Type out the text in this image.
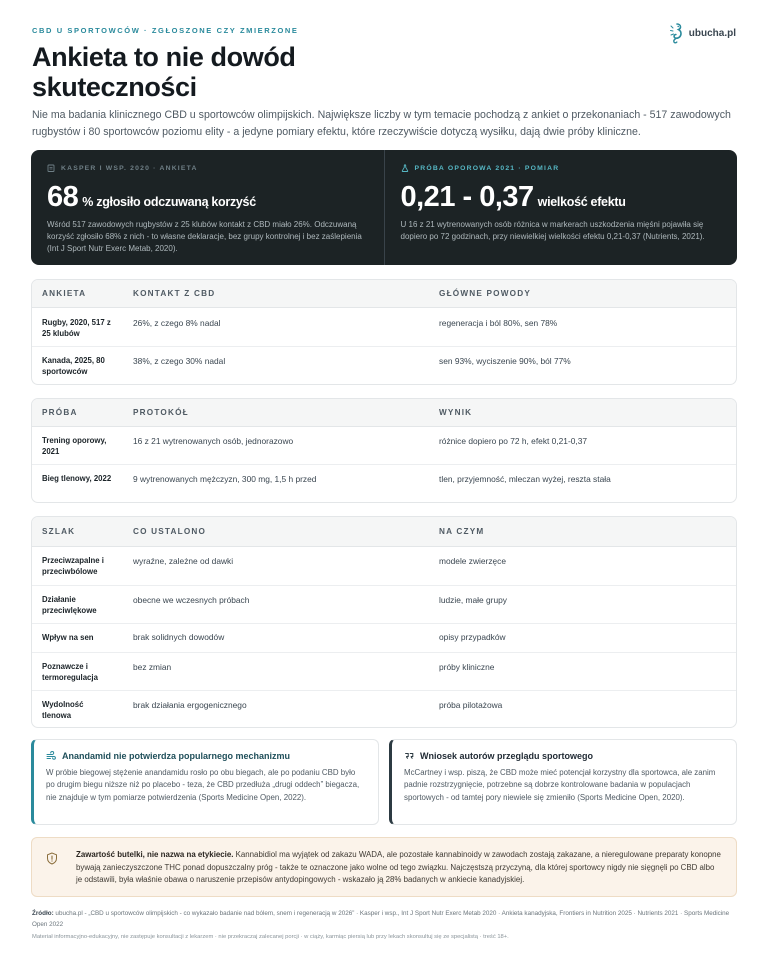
CBD U SPORTOWCÓW · ZGŁOSZONE CZY ZMIERZONE	ubucha.pl
Ankieta to nie dowód skuteczności

Nie ma badania klinicznego CBD u sportowców olimpijskich. Największe liczby w tym temacie pochodzą z ankiet o przekonaniach - 517 zawodowych rugbystów i 80 sportowców poziomu elity - a jedyne pomiary efektu, które rzeczywiście dotyczą wysiłku, dają dwie próby kliniczne.

KASPER I WSP. 2020 · ANKIETA
68 % zgłosiło odczuwaną korzyść

Wśród 517 zawodowych rugbystów z 25 klubów kontakt z CBD miało 26%. Odczuwaną korzyść zgłosiło 68% z nich - to własne deklaracje, bez grupy kontrolnej i bez zaślepienia (Int J Sport Nutr Exerc Metab, 2020).

PRÓBA OPOROWA 2021 · POMIAR
0,21 - 0,37 wielkość efektu

U 16 z 21 wytrenowanych osób różnica w markerach uszkodzenia mięśni pojawiła się dopiero po 72 godzinach, przy niewielkiej wielkości efektu 0,21-0,37 (Nutrients, 2021).

ANKIETA	KONTAKT Z CBD	GŁÓWNE POWODY
Rugby, 2020, 517 z 25 klubów	26%, z czego 8% nadal	regeneracja i ból 80%, sen 78%
Kanada, 2025, 80 sportowców	38%, z czego 30% nadal	sen 93%, wyciszenie 90%, ból 77%
PRÓBA	PROTOKÓŁ	WYNIK
Trening oporowy, 2021	16 z 21 wytrenowanych osób, jednorazowo	różnice dopiero po 72 h, efekt 0,21-0,37
Bieg tlenowy, 2022	9 wytrenowanych mężczyzn, 300 mg, 1,5 h przed	tlen, przyjemność, mleczan wyżej, reszta stała
SZLAK	CO USTALONO	NA CZYM
Przeciwzapalne i przeciwbólowe	wyraźne, zależne od dawki	modele zwierzęce
Działanie przeciwlękowe	obecne we wczesnych próbach	ludzie, małe grupy
Wpływ na sen	brak solidnych dowodów	opisy przypadków
Poznawcze i termoregulacja	bez zmian	próby kliniczne
Wydolność tlenowa	brak działania ergogenicznego	próba pilotażowa
Anandamid nie potwierdza popularnego mechanizmu

W próbie biegowej stężenie anandamidu rosło po obu biegach, ale po podaniu CBD było po drugim biegu niższe niż po placebo - teza, że CBD przedłuża „drugi oddech” biegacza, nie znajduje w tym pomiarze potwierdzenia (Sports Medicine Open, 2022).

Wniosek autorów przeglądu sportowego

McCartney i wsp. piszą, że CBD może mieć potencjał korzystny dla sportowca, ale zanim padnie rozstrzygnięcie, potrzebne są dobrze kontrolowane badania w populacjach sportowych - od tamtej pory niewiele się zmieniło (Sports Medicine Open, 2020).

Zawartość butelki, nie nazwa na etykiecie. Kannabidiol ma wyjątek od zakazu WADA, ale pozostałe kannabinoidy w zawodach zostają zakazane, a nieregulowane preparaty konopne bywają zanieczyszczone THC ponad dopuszczalny próg - także te oznaczone jako wolne od tego związku. Najczęstszą przyczyną, dla której sportowcy nigdy nie sięgnęli po CBD albo je odstawili, była właśnie obawa o naruszenie przepisów antydopingowych - wskazało ją 28% badanych w ankiecie kanadyjskiej.

Źródło: ubucha.pl - „CBD u sportowców olimpijskich - co wykazało badanie nad bólem, snem i regeneracją w 2026” · Kasper i wsp., Int J Sport Nutr Exerc Metab 2020 · Ankieta kanadyjska, Frontiers in Nutrition 2025 · Nutrients 2021 · Sports Medicine Open 2022

Materiał informacyjno-edukacyjny, nie zastępuje konsultacji z lekarzem · nie przekraczaj zalecanej porcji · w ciąży, karmiąc piersią lub przy lekach skonsultuj się ze specjalistą · treść 18+.
